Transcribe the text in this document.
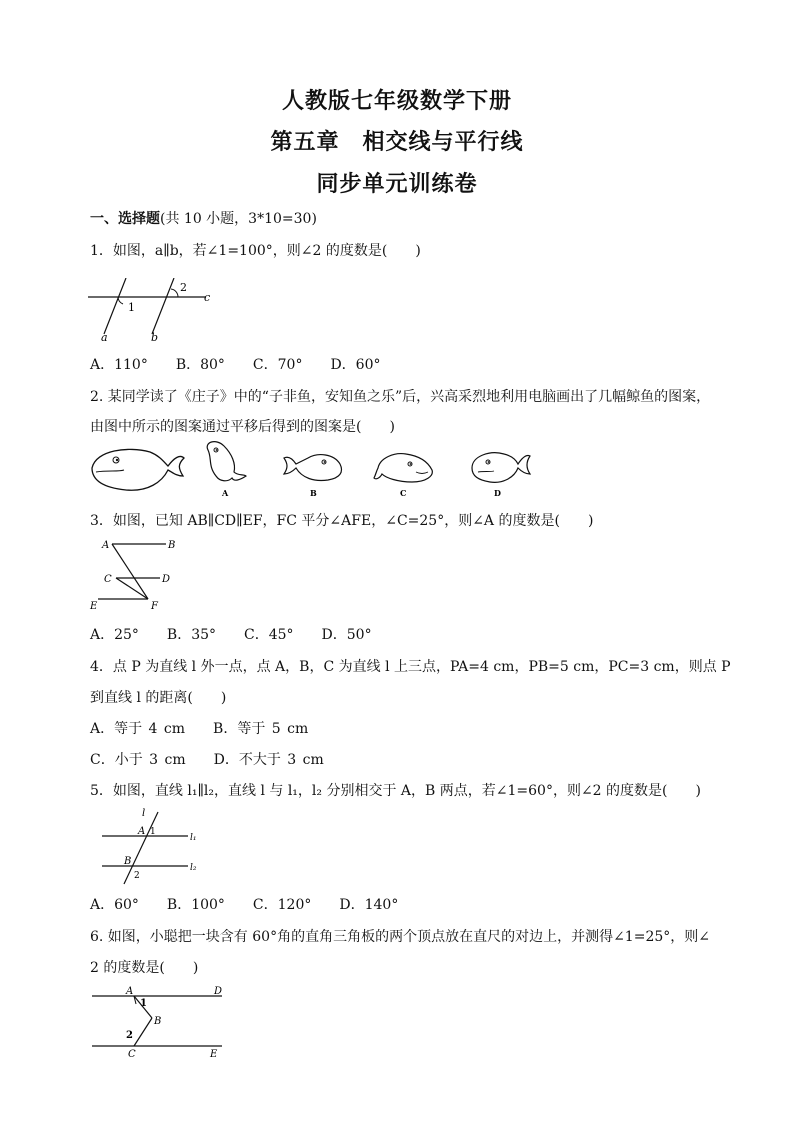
人教版七年级数学下册
第五章　相交线与平行线
同步单元训练卷
一、选择题(共 10 小题，3*10=30)
1．如图，a∥b，若∠1=100°，则∠2 的度数是(　　)
1
2
c
a	b
A．110°　　B．80°　　C．70°　　D．60°
2. 某同学读了《庄子》中的“子非鱼，安知鱼之乐”后，兴高采烈地利用电脑画出了几幅鲸鱼的图案，
由图中所示的图案通过平移后得到的图案是(　　)
A	B	C	D
3．如图，已知 AB∥CD∥EF，FC 平分∠AFE，∠C=25°，则∠A 的度数是(　　)
A	B
C	D
E	F
A．25°　　B．35°　　C．45°　　D．50°
4．点 P 为直线 l 外一点，点 A，B，C 为直线 l 上三点，PA=4 cm，PB=5 cm，PC=3 cm，则点 P
到直线 l 的距离(　　)
A．等于 4 cm　　B．等于 5 cm
C．小于 3 cm　　D．不大于 3 cm
5．如图，直线 l₁∥l₂，直线 l 与 l₁，l₂ 分别相交于 A，B 两点，若∠1=60°，则∠2 的度数是(　　)
l
A 1
l₁
B
2
l₂
A．60°　　B．100°　　C．120°　　D．140°
6. 如图，小聪把一块含有 60°角的直角三角板的两个顶点放在直尺的对边上，并测得∠1=25°，则∠
2 的度数是(　　)
A
1
D
B
2
C	E
